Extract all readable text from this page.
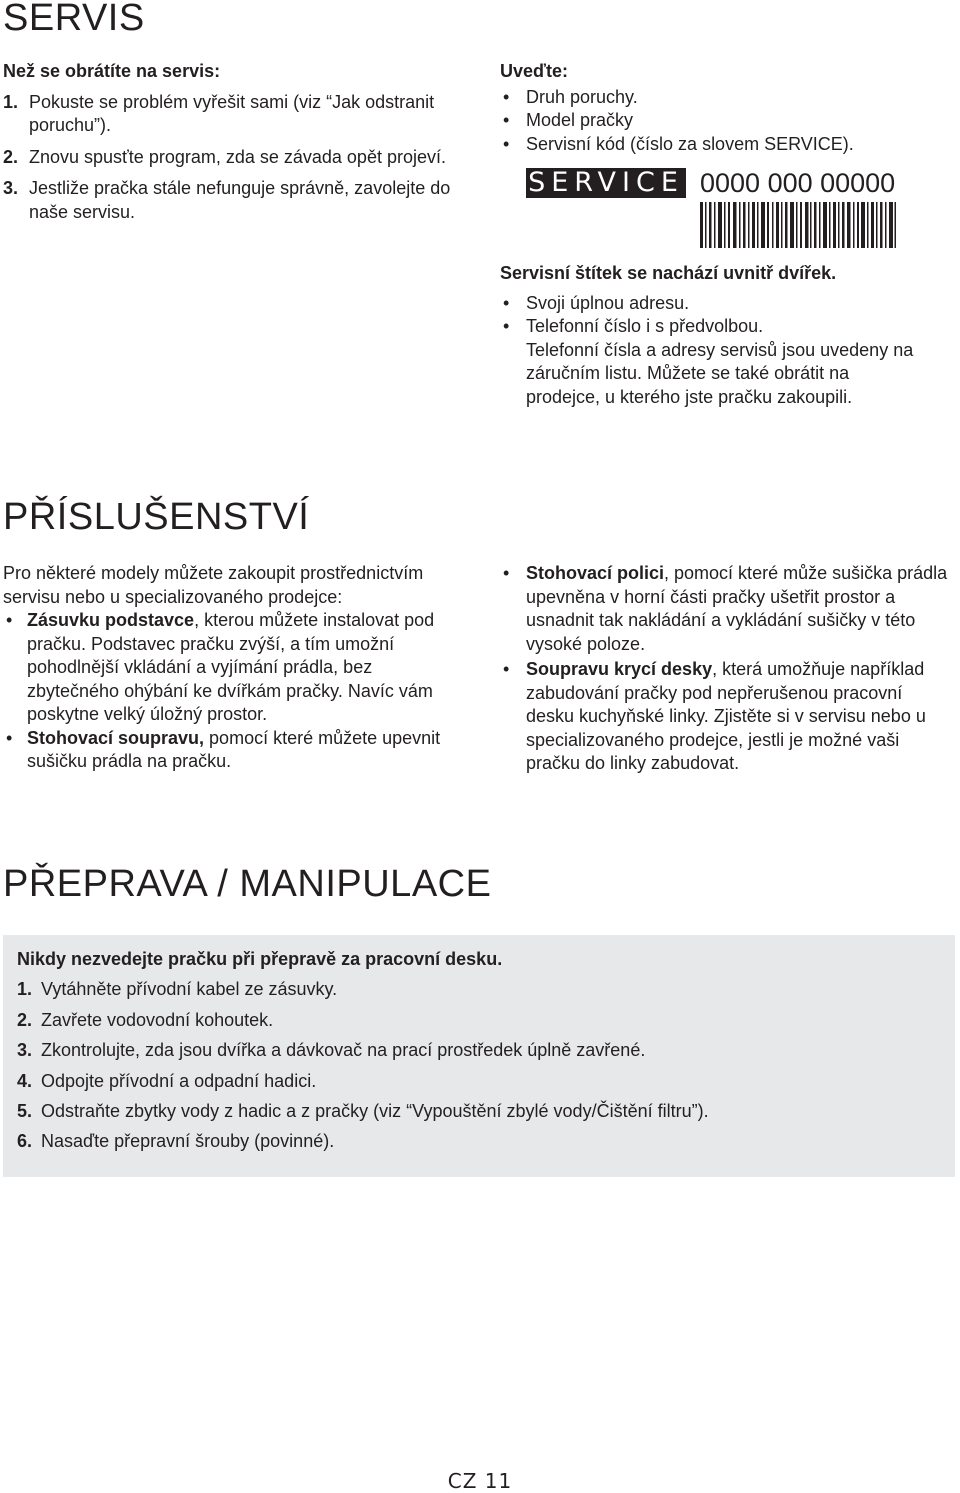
SERVIS
Než se obrátíte na servis:
1. Pokuste se problém vyřešit sami (viz “Jak odstranit poruchu”).
2. Znovu spusťte program, zda se závada opět projeví.
3. Jestliže pračka stále nefunguje správně, zavolejte do naše servisu.
Uveďte:
• Druh poruchy.
• Model pračky
• Servisní kód (číslo za slovem SERVICE).
SERVICE 0000 000 00000
Servisní štítek se nachází uvnitř dvířek.
• Svoji úplnou adresu.
• Telefonní číslo i s předvolbou.
Telefonní čísla a adresy servisů jsou uvedeny na záručním listu. Můžete se také obrátit na prodejce, u kterého jste pračku zakoupili.
PŘÍSLUŠENSTVÍ
Pro některé modely můžete zakoupit prostřednictvím servisu nebo u specializovaného prodejce:
• Zásuvku podstavce, kterou můžete instalovat pod pračku. Podstavec pračku zvýší, a tím umožní pohodlnější vkládání a vyjímání prádla, bez zbytečného ohýbání ke dvířkám pračky. Navíc vám poskytne velký úložný prostor.
• Stohovací soupravu, pomocí které můžete upevnit sušičku prádla na pračku.
• Stohovací polici, pomocí které může sušička prádla upevněna v horní části pračky ušetřit prostor a usnadnit tak nakládání a vykládání sušičky v této vysoké poloze.
• Soupravu krycí desky, která umožňuje například zabudování pračky pod nepřerušenou pracovní desku kuchyňské linky. Zjistěte si v servisu nebo u specializovaného prodejce, jestli je možné vaši pračku do linky zabudovat.
PŘEPRAVA / MANIPULACE
Nikdy nezvedejte pračku při přepravě za pracovní desku.
1. Vytáhněte přívodní kabel ze zásuvky.
2. Zavřete vodovodní kohoutek.
3. Zkontrolujte, zda jsou dvířka a dávkovač na prací prostředek úplně zavřené.
4. Odpojte přívodní a odpadní hadici.
5. Odstraňte zbytky vody z hadic a z pračky (viz “Vypouštění zbylé vody/Čištění filtru”).
6. Nasaďte přepravní šrouby (povinné).
CZ 11
